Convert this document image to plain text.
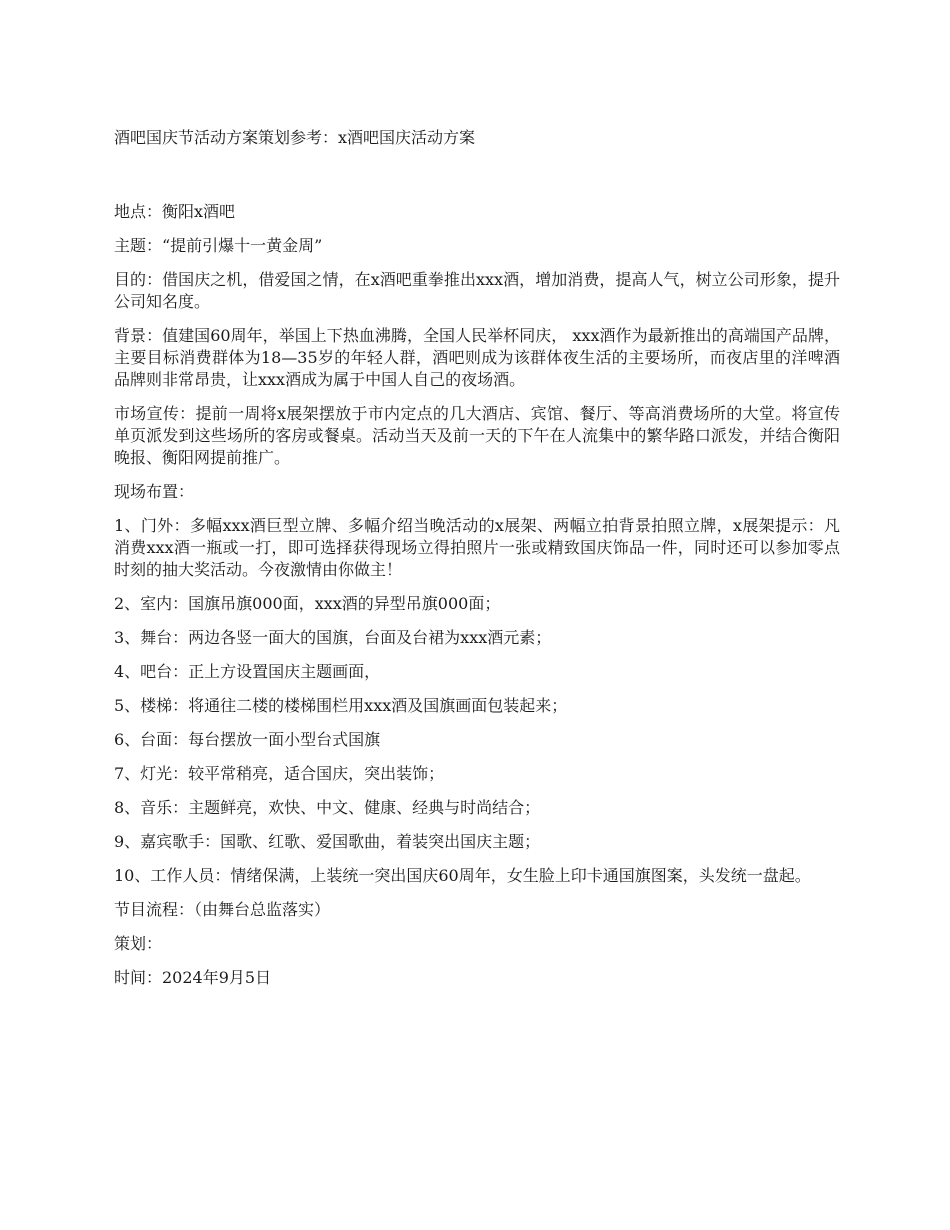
酒吧国庆节活动方案策划参考：x酒吧国庆活动方案

地点：衡阳x酒吧

主题：“提前引爆十一黄金周”

目的：借国庆之机，借爱国之情，在x酒吧重拳推出xxx酒，增加消费，提高人气，树立公司形象，提升公司知名度。

背景：值建国60周年，举国上下热血沸腾，全国人民举杯同庆， xxx酒作为最新推出的高端国产品牌，主要目标消费群体为18—35岁的年轻人群，酒吧则成为该群体夜生活的主要场所，而夜店里的洋啤酒品牌则非常昂贵，让xxx酒成为属于中国人自己的夜场酒。

市场宣传：提前一周将x展架摆放于市内定点的几大酒店、宾馆、餐厅、等高消费场所的大堂。将宣传单页派发到这些场所的客房或餐桌。活动当天及前一天的下午在人流集中的繁华路口派发，并结合衡阳晚报、衡阳网提前推广。

现场布置：

1、门外：多幅xxx酒巨型立牌、多幅介绍当晚活动的x展架、两幅立拍背景拍照立牌，x展架提示：凡消费xxx酒一瓶或一打，即可选择获得现场立得拍照片一张或精致国庆饰品一件，同时还可以参加零点时刻的抽大奖活动。今夜激情由你做主！

2、室内：国旗吊旗000面，xxx酒的异型吊旗000面；

3、舞台：两边各竖一面大的国旗，台面及台裙为xxx酒元素；

4、吧台：正上方设置国庆主题画面，

5、楼梯：将通往二楼的楼梯围栏用xxx酒及国旗画面包装起来；

6、台面：每台摆放一面小型台式国旗

7、灯光：较平常稍亮，适合国庆，突出装饰；

8、音乐：主题鲜亮，欢快、中文、健康、经典与时尚结合；

9、嘉宾歌手：国歌、红歌、爱国歌曲，着装突出国庆主题；

10、工作人员：情绪保满，上装统一突出国庆60周年，女生脸上印卡通国旗图案，头发统一盘起。

节目流程：（由舞台总监落实）

策划：

时间：2024年9月5日
